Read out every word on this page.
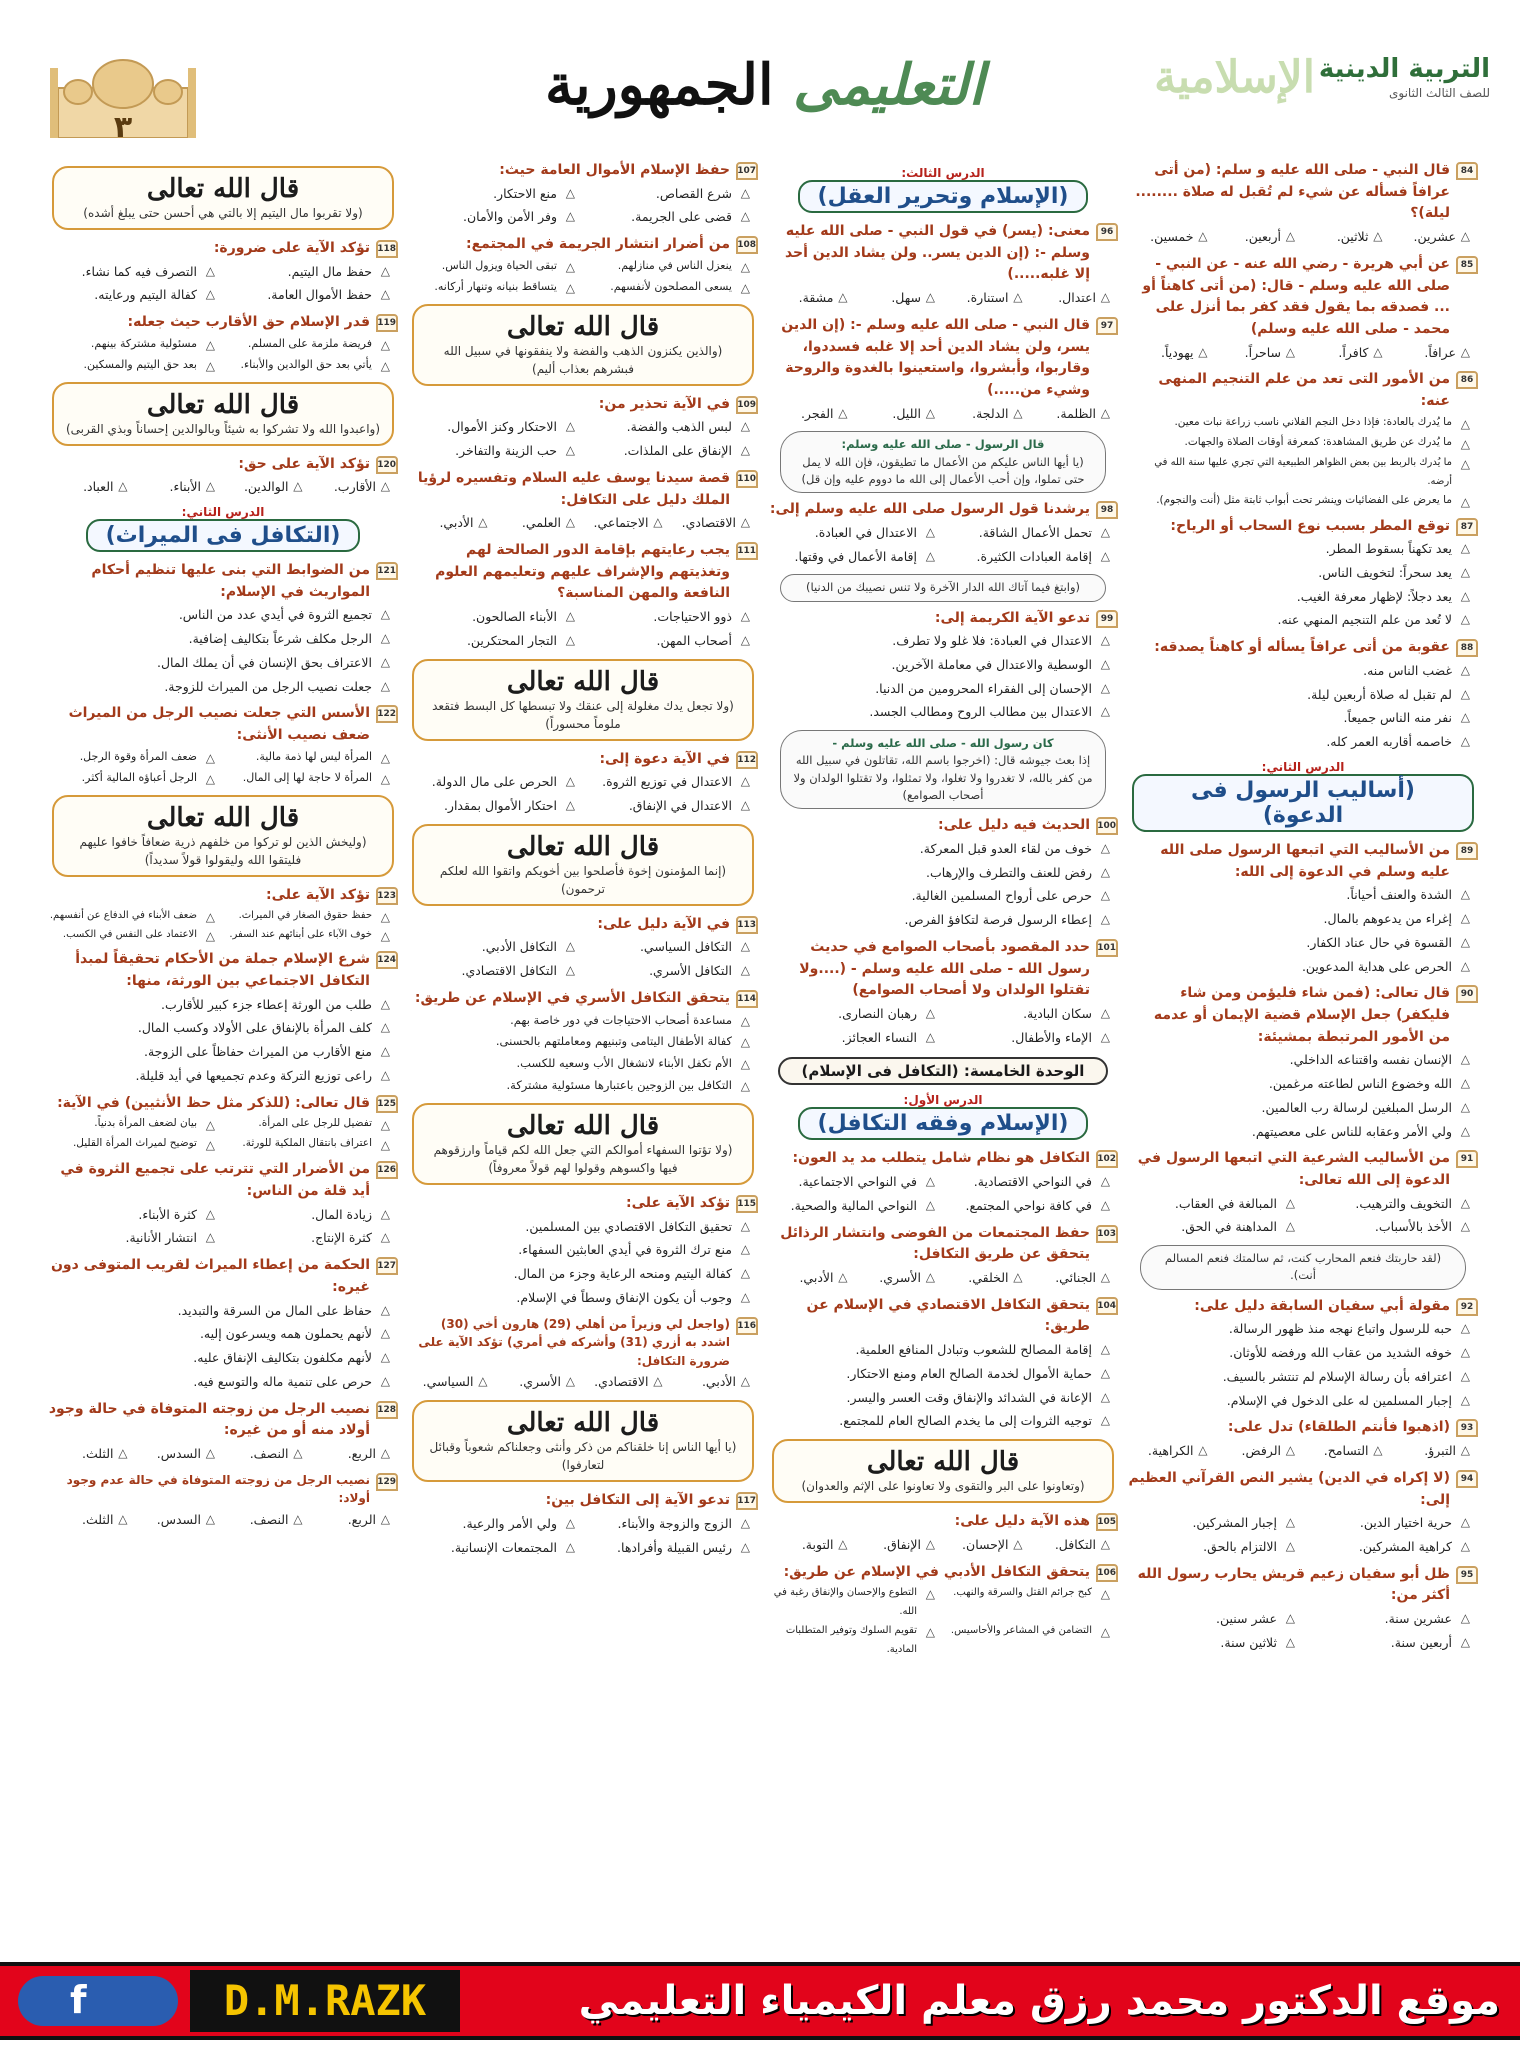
التربية الدينية
للصف الثالث الثانوى
الإسلامية
التعليمى الجمهورية
٣
84
قال النبي - صلى الله عليه و سلم: (من أتى عرافاً فسأله عن شيء لم تُقبل له صلاة ........ ليلة)؟
△ عشرين.
△ ثلاثين.
△ أربعين.
△ خمسين.
85
عن أبي هريرة - رضي الله عنه - عن النبي - صلى الله عليه وسلم - قال: (من أتى كاهناً أو ... فصدقه بما يقول فقد كفر بما أنزل على محمد - صلى الله عليه وسلم)
△ عرافاً.
△ كافراً.
△ ساحراً.
△ يهودياً.
86
من الأمور التى تعد من علم التنجيم المنهى عنه:
△ ما يُدرك بالعادة: فإذا دخل النجم الفلاني ناسب زراعة نبات معين.
△ ما يُدرك عن طريق المشاهدة: كمعرفة أوقات الصلاة والجهات.
△ ما يُدرك بالربط بين بعض الظواهر الطبيعية التي تجري عليها سنة الله في أرضه.
△ ما يعرض على الفضائيات وينشر تحت أبواب ثابتة مثل (أنت والنجوم).
87
توقع المطر بسبب نوع السحاب أو الرياح:
△ يعد تكهناً بسقوط المطر.
△ يعد سحراً: لتخويف الناس.
△ يعد دجلاً: لإظهار معرفة الغيب.
△ لا تُعد من علم التنجيم المنهي عنه.
88
عقوبة من أتى عرافاً يسأله أو كاهناً يصدقه:
△ غضب الناس منه.
△ لم تقبل له صلاة أربعين ليلة.
△ نفر منه الناس جميعاً.
△ خاصمه أقاربه العمر كله.
الدرس الثاني:
(أساليب الرسول فى الدعوة)
89
من الأساليب التي اتبعها الرسول صلى الله عليه وسلم في الدعوة إلى الله:
△ الشدة والعنف أحياناً.
△ إغراء من يدعوهم بالمال.
△ القسوة في حال عناد الكفار.
△ الحرص على هداية المدعوين.
90
قال تعالى: (فمن شاء فليؤمن ومن شاء فليكفر) جعل الإسلام قضية الإيمان أو عدمه من الأمور المرتبطة بمشيئة:
△ الإنسان نفسه واقتناعه الداخلي.
△ الله وخضوع الناس لطاعته مرغمين.
△ الرسل المبلغين لرسالة رب العالمين.
△ ولي الأمر وعقابه للناس على معصيتهم.
91
من الأساليب الشرعية التي اتبعها الرسول في الدعوة إلى الله تعالى:
△ التخويف والترهيب.
△ المبالغة في العقاب.
△ الأخذ بالأسباب.
△ المداهنة في الحق.
(لقد حاربتك فنعم المحارب كنت، ثم سالمتك فنعم المسالم أنت).
92
مقولة أبي سفيان السابقة دليل على:
△ حبه للرسول واتباع نهجه منذ ظهور الرسالة.
△ خوفه الشديد من عقاب الله ورفضه للأوثان.
△ اعترافه بأن رسالة الإسلام لم تنتشر بالسيف.
△ إجبار المسلمين له على الدخول في الإسلام.
93
(اذهبوا فأنتم الطلقاء) تدل على:
△ التبرؤ.
△ التسامح.
△ الرفض.
△ الكراهية.
94
(لا إكراه في الدين) يشير النص القرآني العظيم إلى:
△ حرية اختيار الدين.
△ إجبار المشركين.
△ كراهية المشركين.
△ الالتزام بالحق.
95
ظل أبو سفيان زعيم قريش يحارب رسول الله أكثر من:
△ عشرين سنة.
△ عشر سنين.
△ أربعين سنة.
△ ثلاثين سنة.
الدرس الثالث:
(الإسلام وتحرير العقل)
96
معنى: (يسر) في قول النبي - صلى الله عليه وسلم -: (إن الدين يسر.. ولن يشاد الدين أحد إلا غلبه.....)
△ اعتدال.
△ استنارة.
△ سهل.
△ مشقة.
97
قال النبي - صلى الله عليه وسلم -: (إن الدين يسر، ولن يشاد الدين أحد إلا غلبه فسددوا، وقاربوا، وأبشروا، واستعينوا بالغدوة والروحة وشيء من.....)
△ الظلمة.
△ الدلجة.
△ الليل.
△ الفجر.
قال الرسول - صلى الله عليه وسلم:
(يا أيها الناس عليكم من الأعمال ما تطيقون، فإن الله لا يمل حتى تملوا، وإن أحب الأعمال إلى الله ما دووم عليه وإن قل)
98
يرشدنا قول الرسول صلى الله عليه وسلم إلى:
△ تحمل الأعمال الشاقة.
△ الاعتدال في العبادة.
△ إقامة العبادات الكثيرة.
△ إقامة الأعمال في وقتها.
(وابتغ فيما آتاك الله الدار الآخرة ولا تنس نصيبك من الدنيا)
99
تدعو الآية الكريمة إلى:
△ الاعتدال في العبادة: فلا غلو ولا تطرف.
△ الوسطية والاعتدال في معاملة الآخرين.
△ الإحسان إلى الفقراء المحرومين من الدنيا.
△ الاعتدال بين مطالب الروح ومطالب الجسد.
كان رسول الله - صلى الله عليه وسلم -
إذا بعث جيوشه قال: (اخرجوا باسم الله، تقاتلون في سبيل الله من كفر بالله، لا تغدروا ولا تغلوا، ولا تمثلوا، ولا تقتلوا الولدان ولا أصحاب الصوامع)
100
الحديث فيه دليل على:
△ خوف من لقاء العدو قبل المعركة.
△ رفض للعنف والتطرف والإرهاب.
△ حرص على أرواح المسلمين الغالية.
△ إعطاء الرسول فرصة لتكافؤ الفرص.
101
حدد المقصود بأصحاب الصوامع في حديث رسول الله - صلى الله عليه وسلم - (....ولا تقتلوا الولدان ولا أصحاب الصوامع)
△ سكان البادية.
△ رهبان النصارى.
△ الإماء والأطفال.
△ النساء العجائز.
الوحدة الخامسة: (التكافل فى الإسلام)
الدرس الأول:
(الإسلام وفقه التكافل)
102
التكافل هو نظام شامل يتطلب مد يد العون:
△ في النواحي الاقتصادية.
△ في النواحي الاجتماعية.
△ في كافة نواحي المجتمع.
△ النواحي المالية والصحية.
103
حفظ المجتمعات من الفوضى وانتشار الرذائل يتحقق عن طريق التكافل:
△ الجنائي.
△ الخلقي.
△ الأسري.
△ الأدبي.
104
يتحقق التكافل الاقتصادي في الإسلام عن طريق:
△ إقامة المصالح للشعوب وتبادل المنافع العلمية.
△ حماية الأموال لخدمة الصالح العام ومنع الاحتكار.
△ الإعانة في الشدائد والإنفاق وقت العسر واليسر.
△ توجيه الثروات إلى ما يخدم الصالح العام للمجتمع.
قال الله تعالى
(وتعاونوا على البر والتقوى ولا تعاونوا على الإثم والعدوان)
105
هذه الآية دليل على:
△ التكافل.
△ الإحسان.
△ الإنفاق.
△ التوبة.
106
يتحقق التكافل الأدبي في الإسلام عن طريق:
△ كبح جرائم القتل والسرقة والنهب.
△ التطوع والإحسان والإنفاق رغبة في الله.
△ التضامن في المشاعر والأحاسيس.
△ تقويم السلوك وتوفير المتطلبات المادية.
107
حفظ الإسلام الأموال العامة حيث:
△ شرع القصاص.
△ منع الاحتكار.
△ قضى على الجريمة.
△ وفر الأمن والأمان.
108
من أضرار انتشار الجريمة في المجتمع:
△ ينعزل الناس في منازلهم.
△ تبقى الحياة ويزول الناس.
△ يسعى المصلحون لأنفسهم.
△ يتساقط بنيانه وتنهار أركانه.
قال الله تعالى
(والذين يكنزون الذهب والفضة ولا ينفقونها في سبيل الله فبشرهم بعذاب أليم)
109
في الآية تحذير من:
△ لبس الذهب والفضة.
△ الاحتكار وكنز الأموال.
△ الإنفاق على الملذات.
△ حب الزينة والتفاخر.
110
قصة سيدنا يوسف عليه السلام وتفسيره لرؤيا الملك دليل على التكافل:
△ الاقتصادي.
△ الاجتماعي.
△ العلمي.
△ الأدبي.
111
يجب رعايتهم بإقامة الدور الصالحة لهم وتغذيتهم والإشراف عليهم وتعليمهم العلوم النافعة والمهن المناسبة؟
△ ذوو الاحتياجات.
△ الأبناء الصالحون.
△ أصحاب المهن.
△ التجار المحتكرين.
قال الله تعالى
(ولا تجعل يدك مغلولة إلى عنقك ولا تبسطها كل البسط فتقعد ملوماً محسوراً)
112
في الآية دعوة إلى:
△ الاعتدال في توزيع الثروة.
△ الحرص على مال الدولة.
△ الاعتدال في الإنفاق.
△ احتكار الأموال بمقدار.
قال الله تعالى
(إنما المؤمنون إخوة فأصلحوا بين أخويكم واتقوا الله لعلكم ترحمون)
113
في الآية دليل على:
△ التكافل السياسي.
△ التكافل الأدبي.
△ التكافل الأسري.
△ التكافل الاقتصادي.
114
يتحقق التكافل الأسري في الإسلام عن طريق:
△ مساعدة أصحاب الاحتياجات في دور خاصة بهم.
△ كفالة الأطفال اليتامى وتبنيهم ومعاملتهم بالحسنى.
△ الأم تكفل الأبناء لانشغال الأب وسعيه للكسب.
△ التكافل بين الزوجين باعتبارها مسئولية مشتركة.
قال الله تعالى
(ولا تؤتوا السفهاء أموالكم التي جعل الله لكم قياماً وارزقوهم فيها واكسوهم وقولوا لهم قولاً معروفاً)
115
تؤكد الآية على:
△ تحقيق التكافل الاقتصادي بين المسلمين.
△ منع ترك الثروة في أيدي العابثين السفهاء.
△ كفالة اليتيم ومنحه الرعاية وجزء من المال.
△ وجوب أن يكون الإنفاق وسطاً في الإسلام.
116
(واجعل لي وزيراً من أهلي (29) هارون أخي (30) اشدد به أزري (31) وأشركه في أمري) تؤكد الآية على ضرورة التكافل:
△ الأدبي.
△ الاقتصادي.
△ الأسري.
△ السياسي.
قال الله تعالى
(يا أيها الناس إنا خلقناكم من ذكر وأنثى وجعلناكم شعوباً وقبائل لتعارفوا)
117
تدعو الآية إلى التكافل بين:
△ الزوج والزوجة والأبناء.
△ ولي الأمر والرعية.
△ رئيس القبيلة وأفرادها.
△ المجتمعات الإنسانية.
قال الله تعالى
(ولا تقربوا مال اليتيم إلا بالتي هي أحسن حتى يبلغ أشده)
118
تؤكد الآية على ضرورة:
△ حفظ مال اليتيم.
△ التصرف فيه كما نشاء.
△ حفظ الأموال العامة.
△ كفالة اليتيم ورعايته.
119
قدر الإسلام حق الأقارب حيث جعله:
△ فريضة ملزمة على المسلم.
△ مسئولية مشتركة بينهم.
△ يأتي بعد حق الوالدين والأبناء.
△ بعد حق اليتيم والمسكين.
قال الله تعالى
(واعبدوا الله ولا تشركوا به شيئاً وبالوالدين إحساناً وبذي القربى)
120
تؤكد الآية على حق:
△ الأقارب.
△ الوالدين.
△ الأبناء.
△ العباد.
الدرس الثاني:
(التكافل فى الميراث)
121
من الضوابط التي بنى عليها تنظيم أحكام المواريث في الإسلام:
△ تجميع الثروة في أيدي عدد من الناس.
△ الرجل مكلف شرعاً بتكاليف إضافية.
△ الاعتراف بحق الإنسان في أن يملك المال.
△ جعلت نصيب الرجل من الميراث للزوجة.
122
الأسس التي جعلت نصيب الرجل من الميراث ضعف نصيب الأنثى:
△ المرأة ليس لها ذمة مالية.
△ ضعف المرأة وقوة الرجل.
△ المرأة لا حاجة لها إلى المال.
△ الرجل أعباؤه المالية أكثر.
قال الله تعالى
(وليخش الذين لو تركوا من خلفهم ذرية ضعافاً خافوا عليهم فليتقوا الله وليقولوا قولاً سديداً)
123
تؤكد الآية على:
△ حفظ حقوق الصغار في الميراث.
△ ضعف الأبناء في الدفاع عن أنفسهم.
△ خوف الآباء على أبنائهم عند السفر.
△ الاعتماد على النفس في الكسب.
124
شرع الإسلام جملة من الأحكام تحقيقاً لمبدأ التكافل الاجتماعي بين الورثة، منها:
△ طلب من الورثة إعطاء جزء كبير للأقارب.
△ كلف المرأة بالإنفاق على الأولاد وكسب المال.
△ منع الأقارب من الميراث حفاظاً على الزوجة.
△ راعى توزيع التركة وعدم تجميعها في أيد قليلة.
125
قال تعالى: (للذكر مثل حظ الأنثيين) في الآية:
△ تفضيل للرجل على المرأة.
△ بيان لضعف المرأة بدنياً.
△ اعتراف بانتقال الملكية للورثة.
△ توضيح لميراث المرأة القليل.
126
من الأضرار التي تترتب على تجميع الثروة في أيد قلة من الناس:
△ زيادة المال.
△ كثرة الأبناء.
△ كثرة الإنتاج.
△ انتشار الأنانية.
127
الحكمة من إعطاء الميراث لقريب المتوفى دون غيره:
△ حفاظ على المال من السرقة والتبديد.
△ لأنهم يحملون همه ويسرعون إليه.
△ لأنهم مكلفون بتكاليف الإنفاق عليه.
△ حرص على تنمية ماله والتوسع فيه.
128
نصيب الرجل من زوجته المتوفاة في حالة وجود أولاد منه أو من غيره:
△ الربع.
△ النصف.
△ السدس.
△ الثلث.
129
نصيب الرجل من زوجته المتوفاة في حالة عدم وجود أولاد:
△ الربع.
△ النصف.
△ السدس.
△ الثلث.
f	D.M.RAZK	موقع الدكتور محمد رزق معلم الكيمياء التعليمي
